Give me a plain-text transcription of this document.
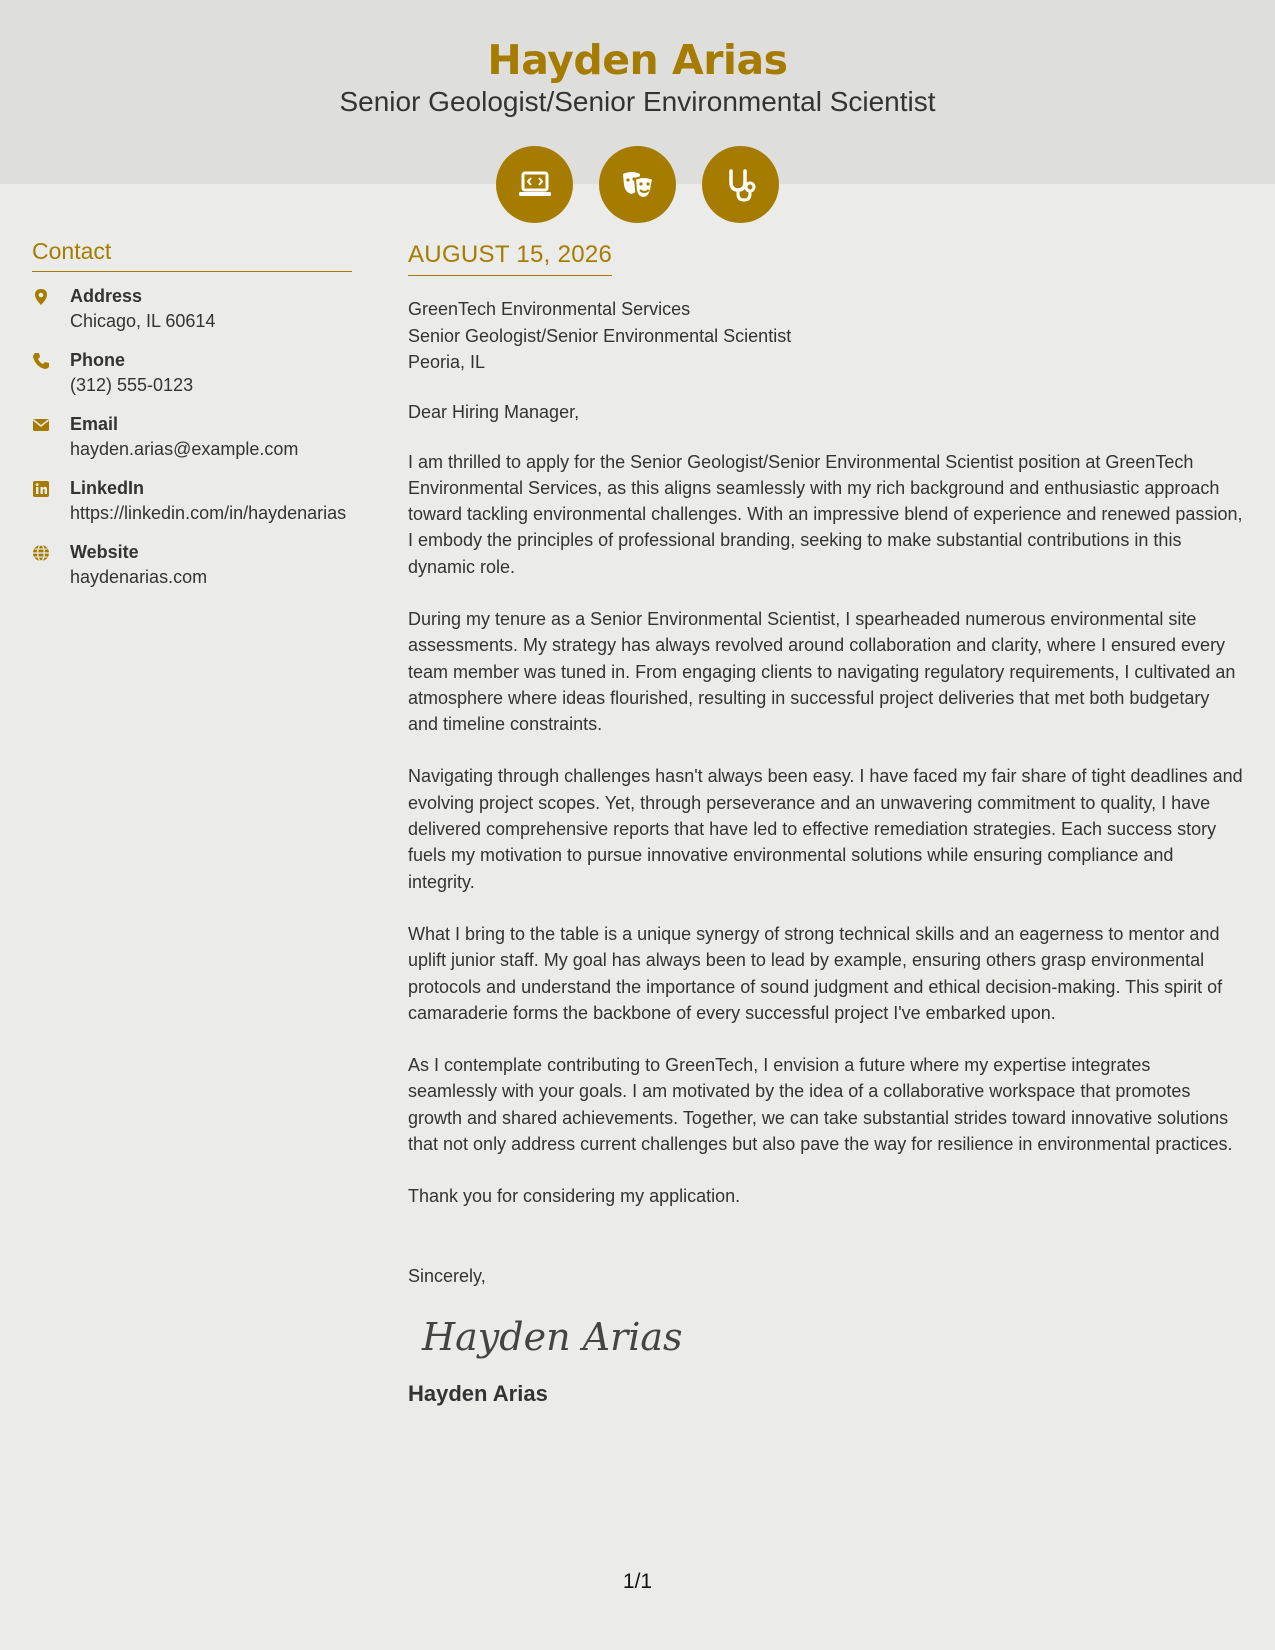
Hayden Arias
Senior Geologist/Senior Environmental Scientist
Contact
Address
Chicago, IL 60614
Phone
(312) 555-0123
Email
hayden.arias@example.com
LinkedIn
https://linkedin.com/in/haydenarias
Website
haydenarias.com
AUGUST 15, 2026
GreenTech Environmental Services
Senior Geologist/Senior Environmental Scientist
Peoria, IL
Dear Hiring Manager,

I am thrilled to apply for the Senior Geologist/Senior Environmental Scientist position at GreenTech Environmental Services, as this aligns seamlessly with my rich background and enthusiastic approach toward tackling environmental challenges. With an impressive blend of experience and renewed passion, I embody the principles of professional branding, seeking to make substantial contributions in this dynamic role.

During my tenure as a Senior Environmental Scientist, I spearheaded numerous environmental site assessments. My strategy has always revolved around collaboration and clarity, where I ensured every team member was tuned in. From engaging clients to navigating regulatory requirements, I cultivated an atmosphere where ideas flourished, resulting in successful project deliveries that met both budgetary and timeline constraints.

Navigating through challenges hasn't always been easy. I have faced my fair share of tight deadlines and evolving project scopes. Yet, through perseverance and an unwavering commitment to quality, I have delivered comprehensive reports that have led to effective remediation strategies. Each success story fuels my motivation to pursue innovative environmental solutions while ensuring compliance and integrity.

What I bring to the table is a unique synergy of strong technical skills and an eagerness to mentor and uplift junior staff. My goal has always been to lead by example, ensuring others grasp environmental protocols and understand the importance of sound judgment and ethical decision-making. This spirit of camaraderie forms the backbone of every successful project I've embarked upon.

As I contemplate contributing to GreenTech, I envision a future where my expertise integrates seamlessly with your goals. I am motivated by the idea of a collaborative workspace that promotes growth and shared achievements. Together, we can take substantial strides toward innovative solutions that not only address current challenges but also pave the way for resilience in environmental practices.

Thank you for considering my application.

Sincerely,
Hayden Arias
Hayden Arias
1/1
